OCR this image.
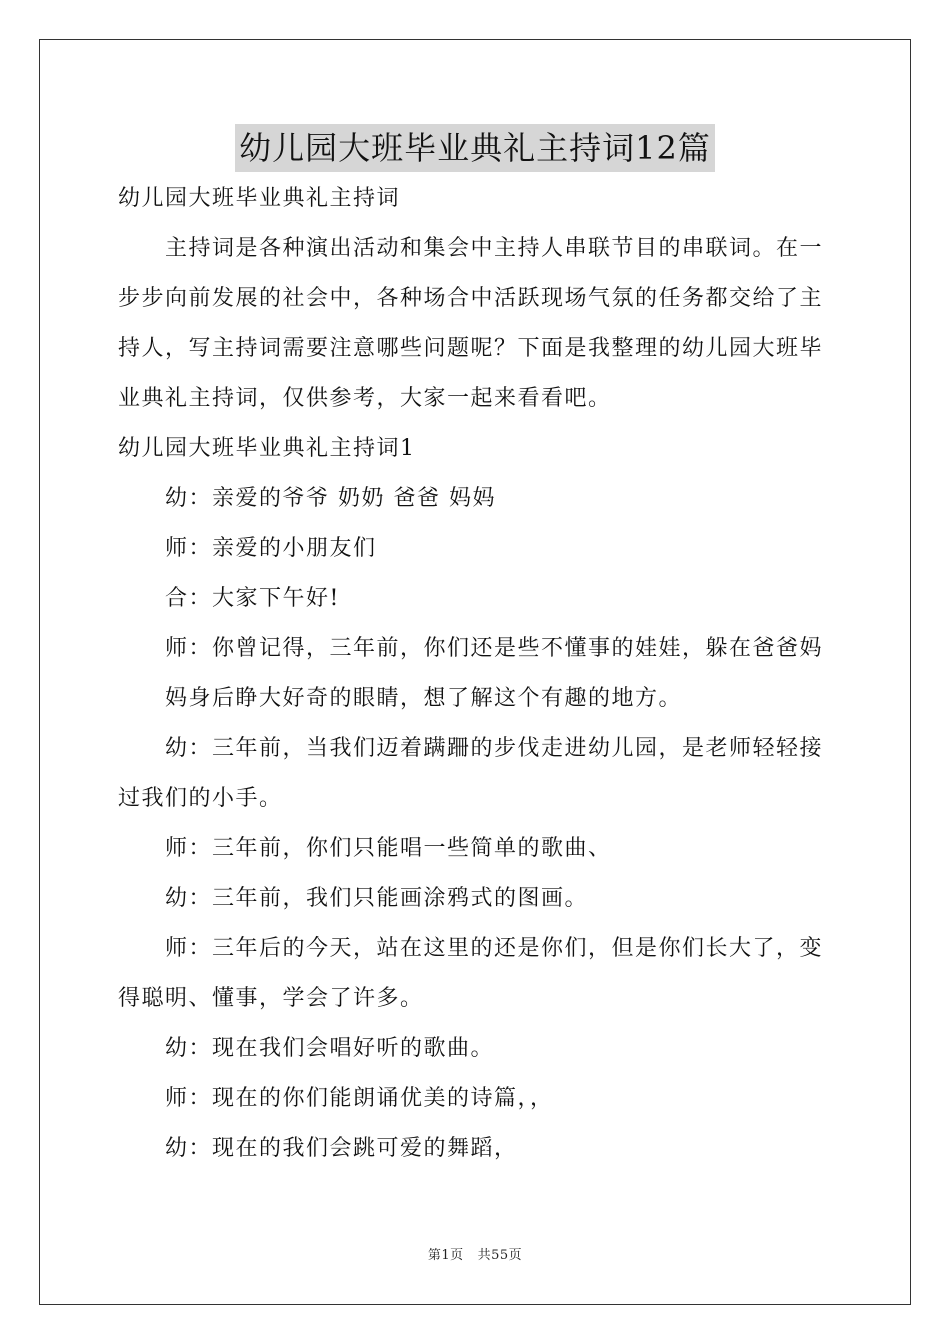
幼儿园大班毕业典礼主持词12篇
幼儿园大班毕业典礼主持词
主持词是各种演出活动和集会中主持人串联节目的串联词。在一
步步向前发展的社会中，各种场合中活跃现场气氛的任务都交给了主
持人，写主持词需要注意哪些问题呢？下面是我整理的幼儿园大班毕
业典礼主持词，仅供参考，大家一起来看看吧。
幼儿园大班毕业典礼主持词1
幼：亲爱的爷爷 奶奶 爸爸 妈妈
师：亲爱的小朋友们
合：大家下午好!
师：你曾记得，三年前，你们还是些不懂事的娃娃，躲在爸爸妈
妈身后睁大好奇的眼睛，想了解这个有趣的地方。
幼：三年前，当我们迈着蹒跚的步伐走进幼儿园，是老师轻轻接
过我们的小手。
师：三年前，你们只能唱一些简单的歌曲、
幼：三年前，我们只能画涂鸦式的图画。
师：三年后的今天，站在这里的还是你们，但是你们长大了，变
得聪明、懂事，学会了许多。
幼：现在我们会唱好听的歌曲。
师：现在的你们能朗诵优美的诗篇，，
幼：现在的我们会跳可爱的舞蹈，
第1页 共55页
